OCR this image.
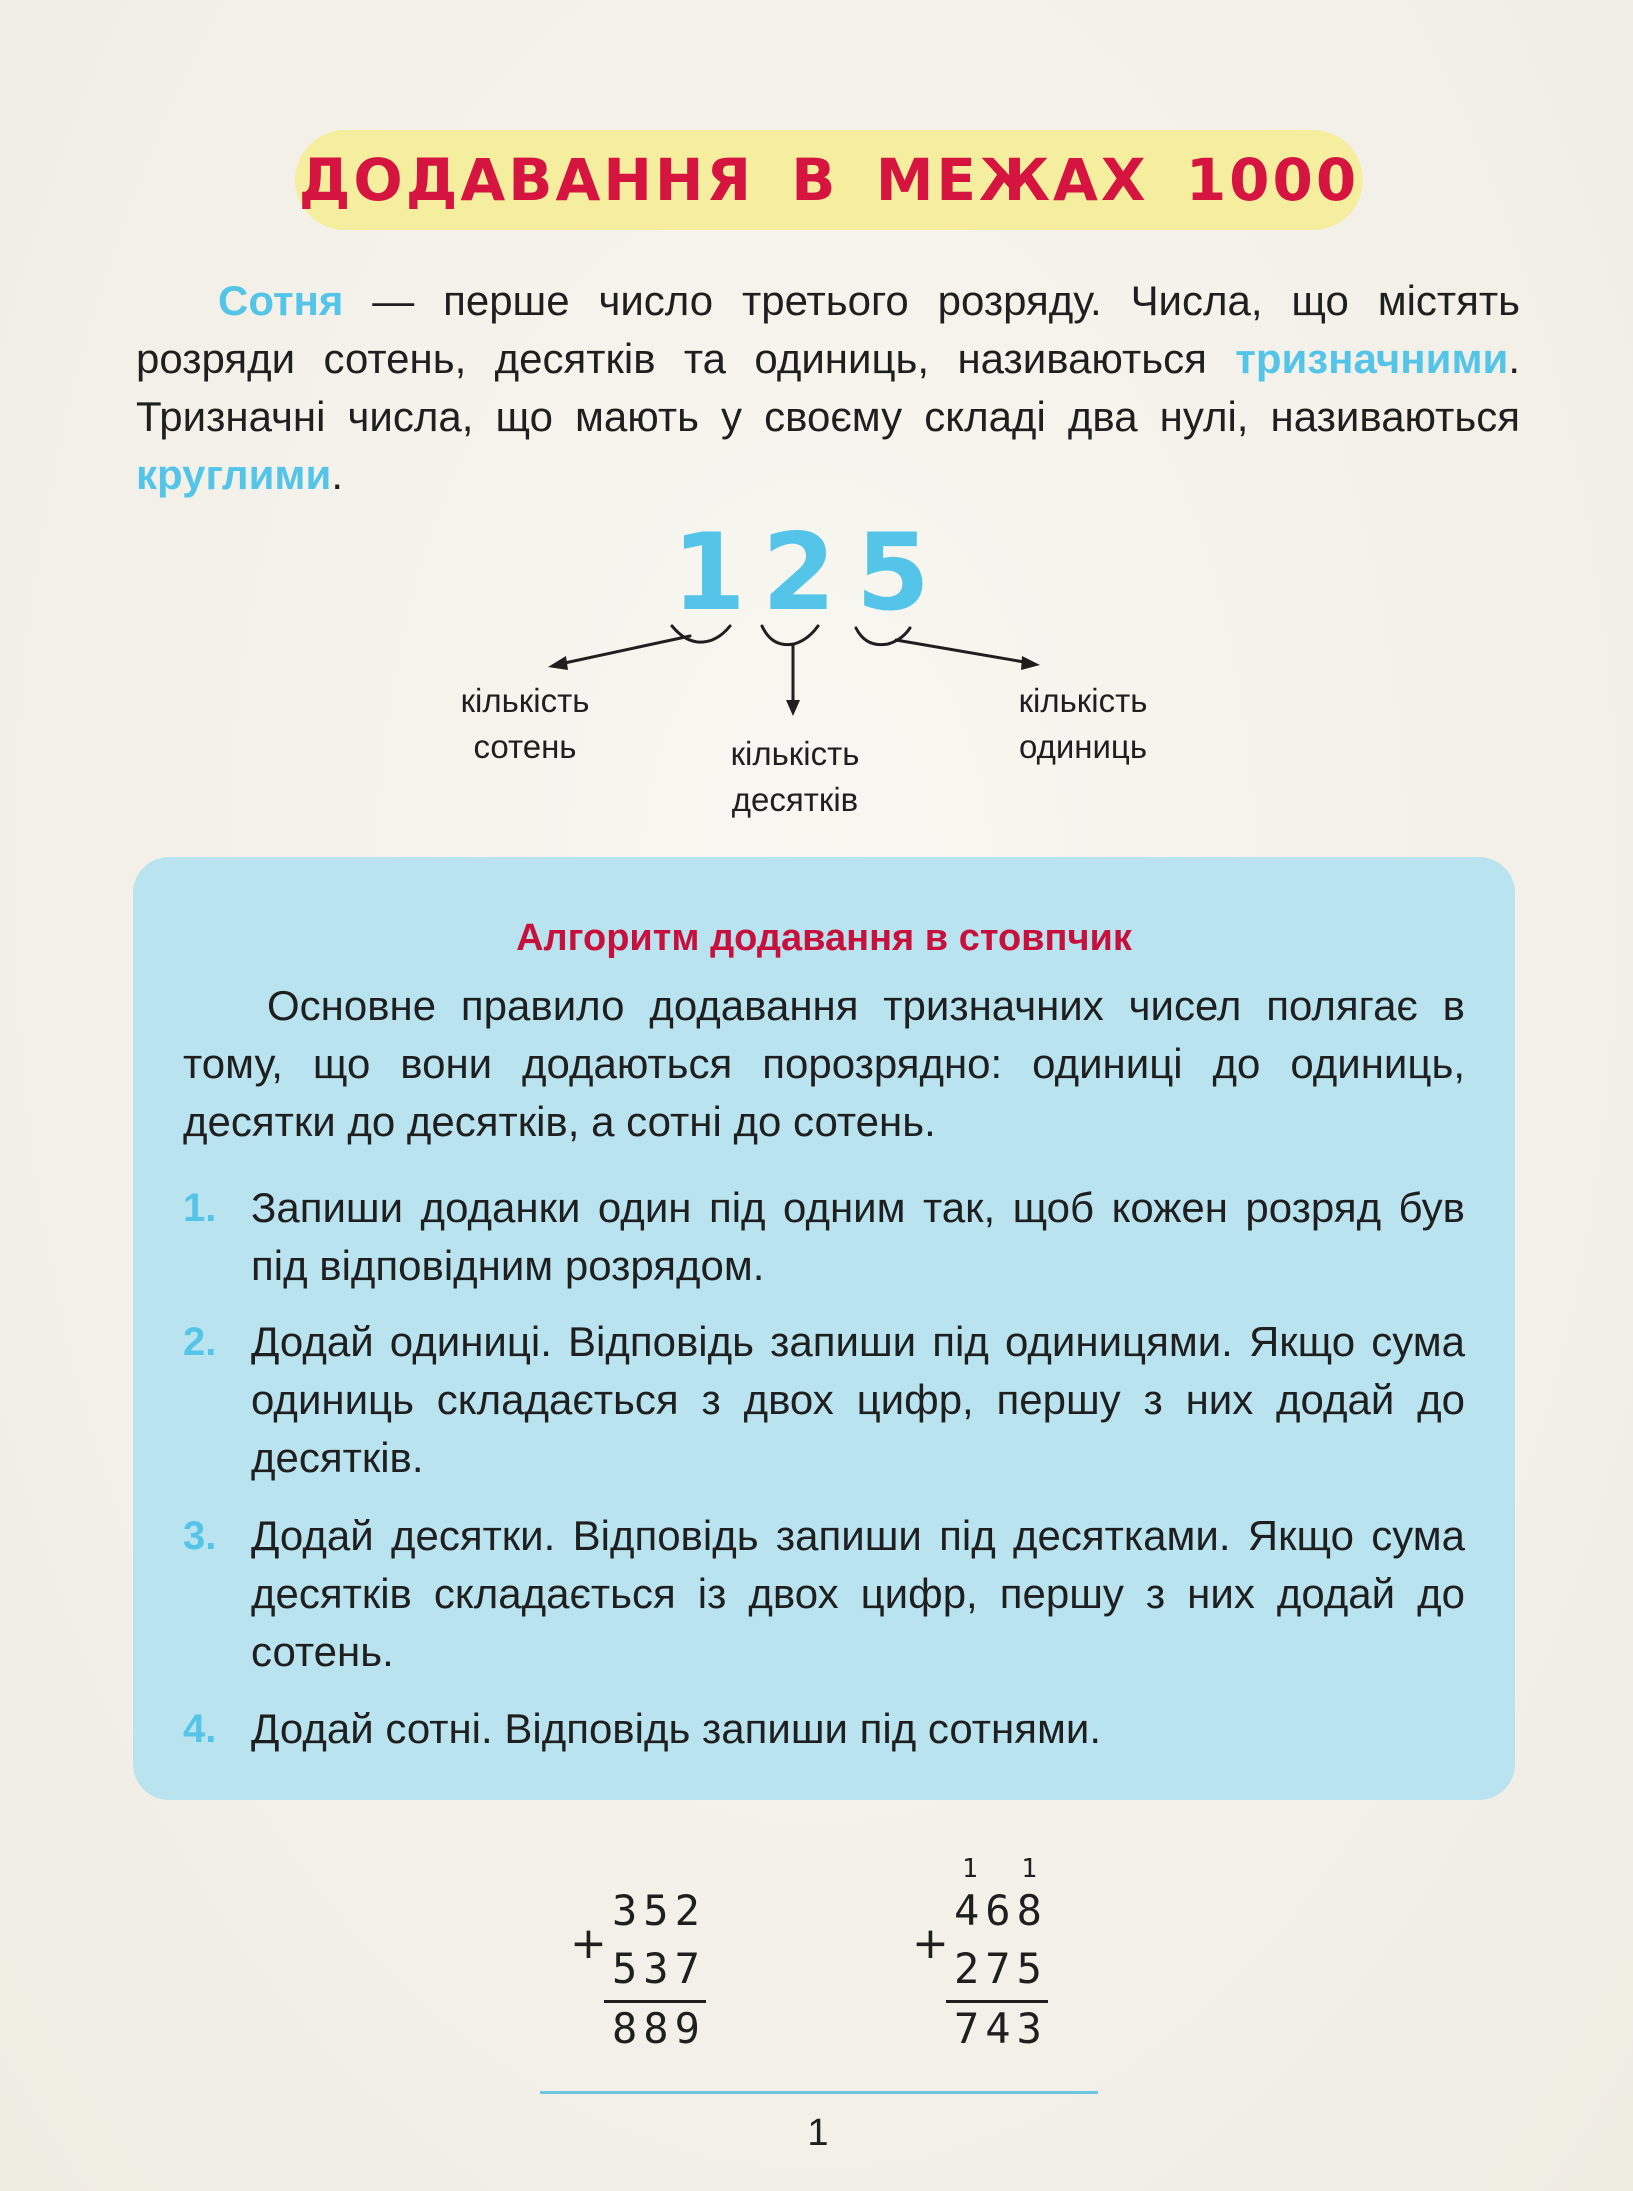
ДОДАВАННЯ В МЕЖАХ 1000

Сотня — перше число третього розряду. Числа, що містять розряди сотень, десятків та одиниць, називаються тризначними. Тризначні числа, що мають у своєму складі два нулі, називаються круглими.

1 2 5
кількість
сотень	кількість
десятків
кількість
одиниць
Алгоритм додавання в стовпчик

Основне правило додавання тризначних чисел полягає в тому, що вони додаються порозрядно: одиниці до одиниць, десятки до десятків, а сотні до сотень.

1. Запиши доданки один під одним так, щоб кожен розряд був під відповідним розрядом.
2. Додай одиниці. Відповідь запиши під одиницями. Якщо сума одиниць складається з двох цифр, першу з них додай до десятків.
3. Додай десятки. Відповідь запиши під десятками. Якщо сума десятків складається із двох цифр, першу з них додай до сотень.
4. Додай сотні. Відповідь запиши під сотнями.
+
352
537
889
1 1
+
468
275
743
1
